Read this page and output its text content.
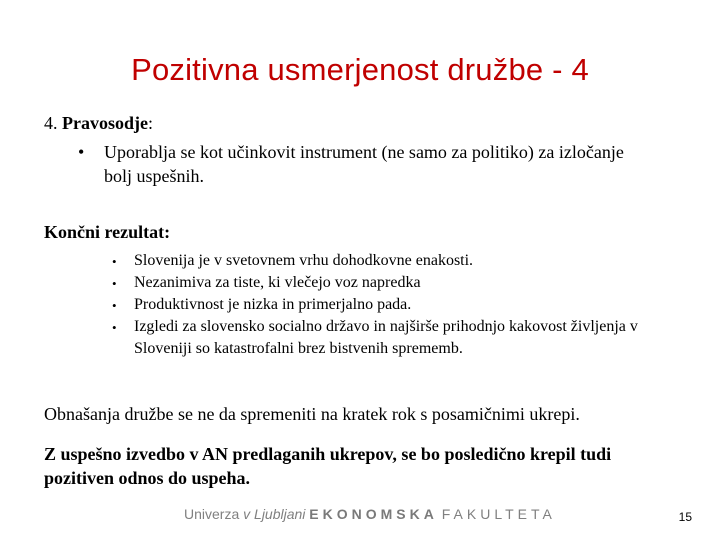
Pozitivna usmerjenost družbe - 4
4. Pravosodje:
• Uporablja se kot učinkovit instrument (ne samo za politiko) za izločanje bolj uspešnih.
Končni rezultat:
• Slovenija je v svetovnem vrhu dohodkovne enakosti.
• Nezanimiva za tiste, ki vlečejo voz napredka
• Produktivnost je nizka in primerjalno pada.
• Izgledi za slovensko socialno državo in najširše prihodnjo kakovost življenja v Sloveniji so katastrofalni brez bistvenih sprememb.
Obnašanja družbe se ne da spremeniti na kratek rok s posamičnimi ukrepi.
Z uspešno izvedbo v AN predlaganih ukrepov, se bo posledično krepil tudi pozitiven odnos do uspeha.
Univerza v Ljubljani EKONOMSKA FAKULTETA	15
